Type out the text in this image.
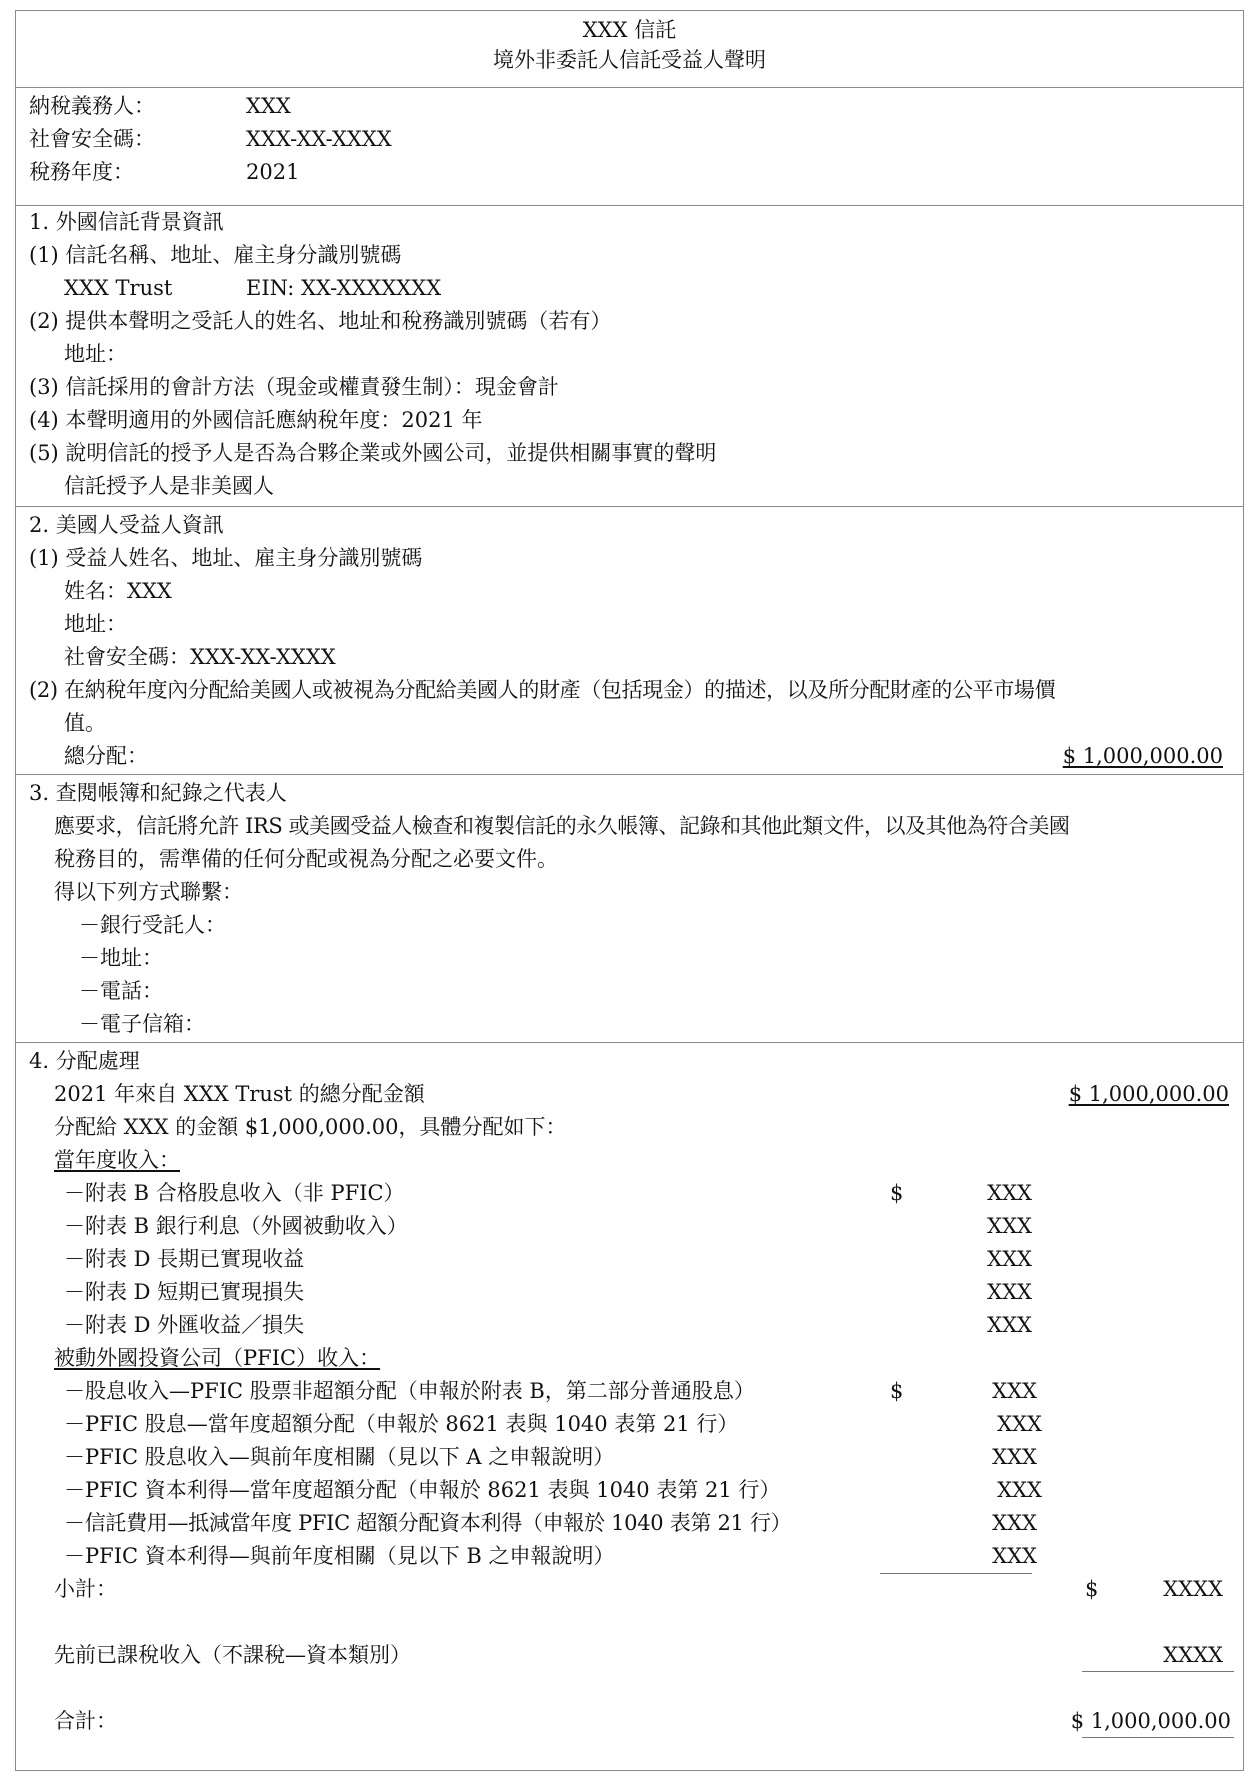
XXX 信託
境外非委託人信託受益人聲明
納稅義務人：	XXX
社會安全碼：	XXX-XX-XXXX
稅務年度：	2021
1. 外國信託背景資訊
(1) 信託名稱、地址、雇主身分識別號碼
XXX Trust	EIN: XX-XXXXXXX
(2) 提供本聲明之受託人的姓名、地址和稅務識別號碼（若有）
地址：
(3) 信託採用的會計方法（現金或權責發生制）：現金會計
(4) 本聲明適用的外國信託應納稅年度：2021 年
(5) 說明信託的授予人是否為合夥企業或外國公司，並提供相關事實的聲明
信託授予人是非美國人
2. 美國人受益人資訊
(1) 受益人姓名、地址、雇主身分識別號碼
姓名：XXX
地址：
社會安全碼：XXX-XX-XXXX
(2) 在納稅年度內分配給美國人或被視為分配給美國人的財產（包括現金）的描述，以及所分配財產的公平市場價
值。
總分配：	$ 1,000,000.00
3. 查閱帳簿和紀錄之代表人
應要求，信託將允許 IRS 或美國受益人檢查和複製信託的永久帳簿、記錄和其他此類文件，以及其他為符合美國
稅務目的，需準備的任何分配或視為分配之必要文件。
得以下列方式聯繫：
－銀行受託人：
－地址：
－電話：
－電子信箱：
4. 分配處理
2021 年來自 XXX Trust 的總分配金額	$ 1,000,000.00
分配給 XXX 的金額 $1,000,000.00，具體分配如下：
當年度收入：
－附表 B 合格股息收入（非 PFIC）	$	XXX
－附表 B 銀行利息（外國被動收入）	XXX
－附表 D 長期已實現收益	XXX
－附表 D 短期已實現損失	XXX
－附表 D 外匯收益／損失	XXX
被動外國投資公司（PFIC）收入：
－股息收入—PFIC 股票非超額分配（申報於附表 B，第二部分普通股息）	$	XXX
－PFIC 股息—當年度超額分配（申報於 8621 表與 1040 表第 21 行）	XXX
－PFIC 股息收入—與前年度相關（見以下 A 之申報說明）	XXX
－PFIC 資本利得—當年度超額分配（申報於 8621 表與 1040 表第 21 行）	XXX
－信託費用—抵減當年度 PFIC 超額分配資本利得（申報於 1040 表第 21 行）	XXX
－PFIC 資本利得—與前年度相關（見以下 B 之申報說明）	XXX
小計：	$	XXXX
先前已課稅收入（不課稅—資本類別）	XXXX
合計：	$ 1,000,000.00
